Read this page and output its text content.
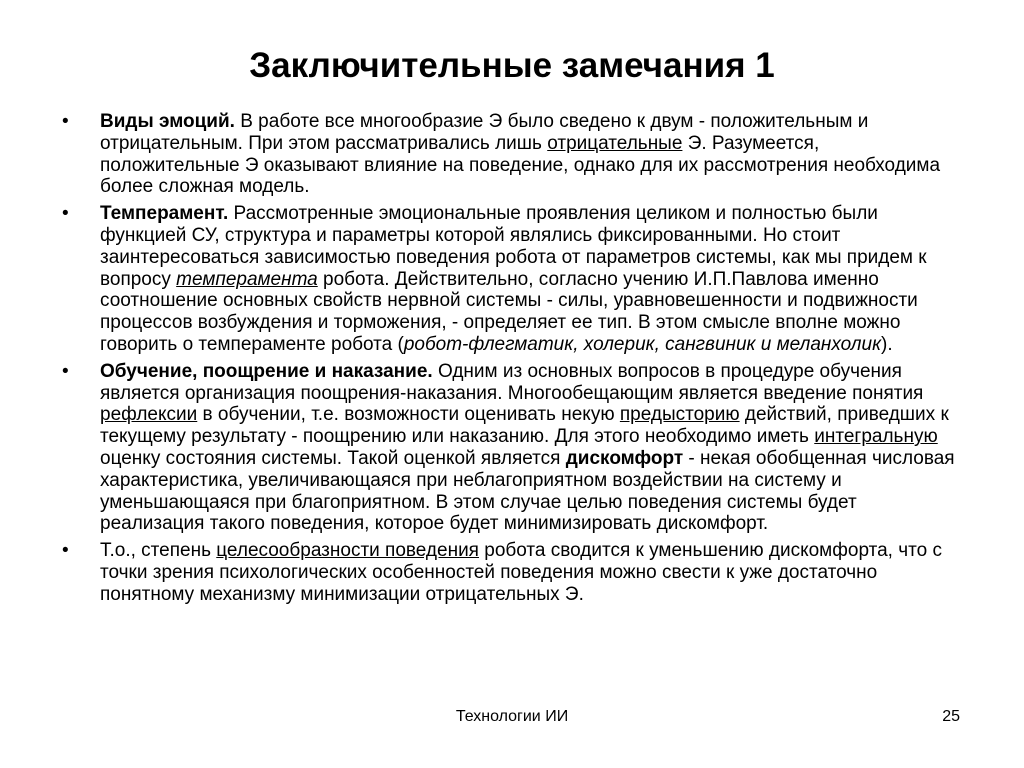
Заключительные замечания 1
• Виды эмоций. В работе все многообразие Э было сведено к двум - положительным и отрицательным. При этом рассматривались лишь отрицательные Э. Разумеется, положительные Э оказывают влияние на поведение, однако для их рассмотрения необходима более сложная модель.
• Темперамент. Рассмотренные эмоциональные проявления целиком и полностью были функцией СУ, структура и параметры которой являлись фиксированными. Но стоит заинтересоваться зависимостью поведения робота от параметров системы, как мы придем к вопросу темперамента робота. Действительно, согласно учению И.П.Павлова именно соотношение основных свойств нервной системы - силы, уравновешенности и подвижности процессов возбуждения и торможения, - определяет ее тип. В этом смысле вполне можно говорить о темпераменте робота (робот-флегматик, холерик, сангвиник и меланхолик).
• Обучение, поощрение и наказание. Одним из основных вопросов в процедуре обучения является организация поощрения-наказания. Многообещающим является введение понятия рефлексии в обучении, т.е. возможности оценивать некую предысторию действий, приведших к текущему результату - поощрению или наказанию. Для этого необходимо иметь интегральную оценку состояния системы. Такой оценкой является дискомфорт - некая обобщенная числовая характеристика, увеличивающаяся при неблагоприятном воздействии на систему и уменьшающаяся при благоприятном. В этом случае целью поведения системы будет реализация такого поведения, которое будет минимизировать дискомфорт.
• Т.о., степень целесообразности поведения робота сводится к уменьшению дискомфорта, что с точки зрения психологических особенностей поведения можно свести к уже достаточно понятному механизму минимизации отрицательных Э.
Технологии ИИ	25
